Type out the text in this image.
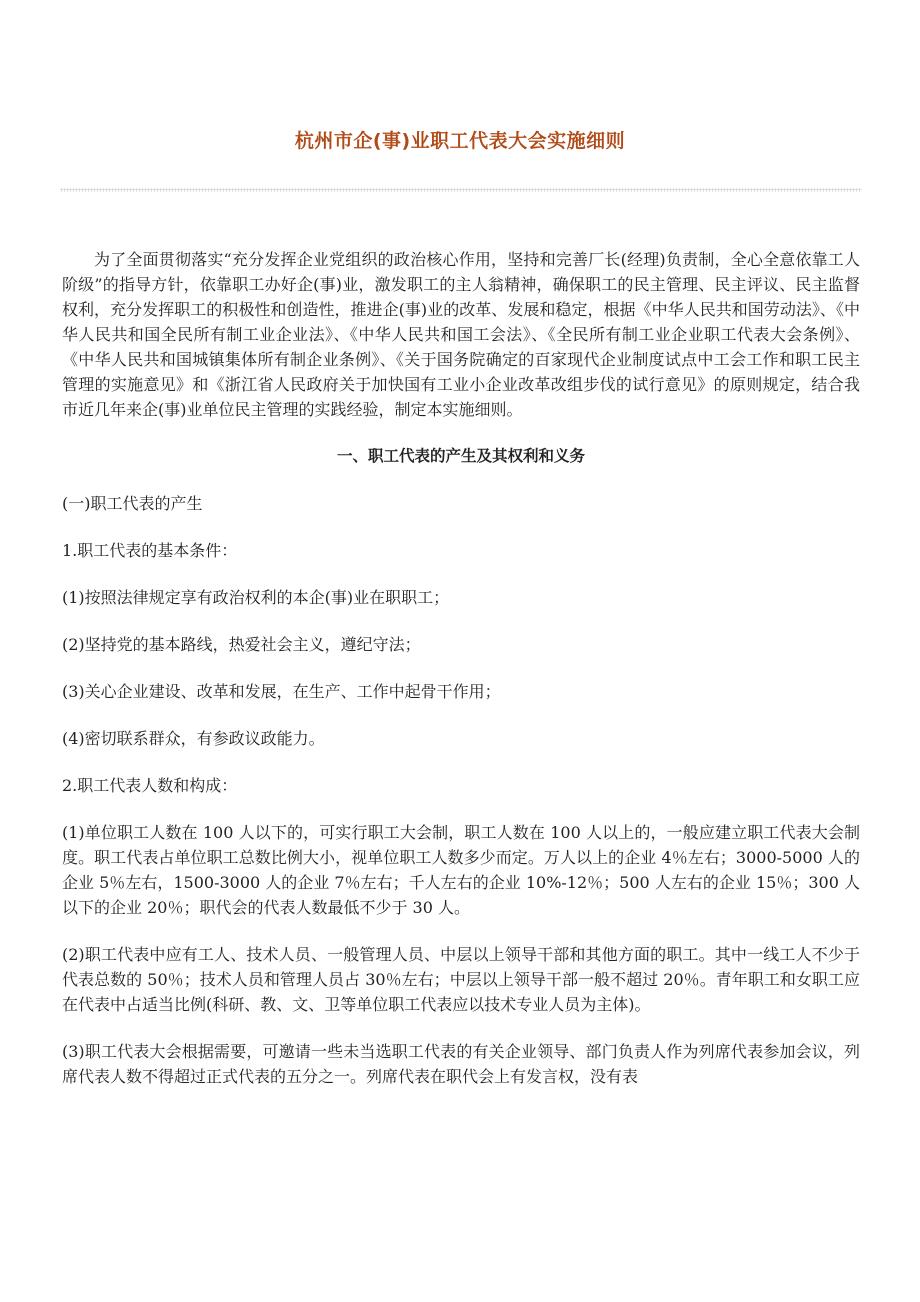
杭州市企(事)业职工代表大会实施细则

为了全面贯彻落实“充分发挥企业党组织的政治核心作用，坚持和完善厂长(经理)负责制，全心全意依靠工人阶级”的指导方针，依靠职工办好企(事)业，激发职工的主人翁精神，确保职工的民主管理、民主评议、民主监督权利，充分发挥职工的积极性和创造性，推进企(事)业的改革、发展和稳定，根据《中华人民共和国劳动法》、《中华人民共和国全民所有制工业企业法》、《中华人民共和国工会法》、《全民所有制工业企业职工代表大会条例》、《中华人民共和国城镇集体所有制企业条例》、《关于国务院确定的百家现代企业制度试点中工会工作和职工民主管理的实施意见》和《浙江省人民政府关于加快国有工业小企业改革改组步伐的试行意见》的原则规定，结合我市近几年来企(事)业单位民主管理的实践经验，制定本实施细则。

一、职工代表的产生及其权利和义务

(一)职工代表的产生

1.职工代表的基本条件：

(1)按照法律规定享有政治权利的本企(事)业在职职工；

(2)坚持党的基本路线，热爱社会主义，遵纪守法；

(3)关心企业建设、改革和发展，在生产、工作中起骨干作用；

(4)密切联系群众，有参政议政能力。

2.职工代表人数和构成：

(1)单位职工人数在 100 人以下的，可实行职工大会制，职工人数在 100 人以上的，一般应建立职工代表大会制度。职工代表占单位职工总数比例大小，视单位职工人数多少而定。万人以上的企业 4％左右；3000-5000 人的企业 5％左右，1500-3000 人的企业 7％左右；千人左右的企业 10%-12％；500 人左右的企业 15％；300 人以下的企业 20％；职代会的代表人数最低不少于 30 人。

(2)职工代表中应有工人、技术人员、一般管理人员、中层以上领导干部和其他方面的职工。其中一线工人不少于代表总数的 50％；技术人员和管理人员占 30％左右；中层以上领导干部一般不超过 20％。青年职工和女职工应在代表中占适当比例(科研、教、文、卫等单位职工代表应以技术专业人员为主体)。

(3)职工代表大会根据需要，可邀请一些未当选职工代表的有关企业领导、部门负责人作为列席代表参加会议，列席代表人数不得超过正式代表的五分之一。列席代表在职代会上有发言权，没有表
